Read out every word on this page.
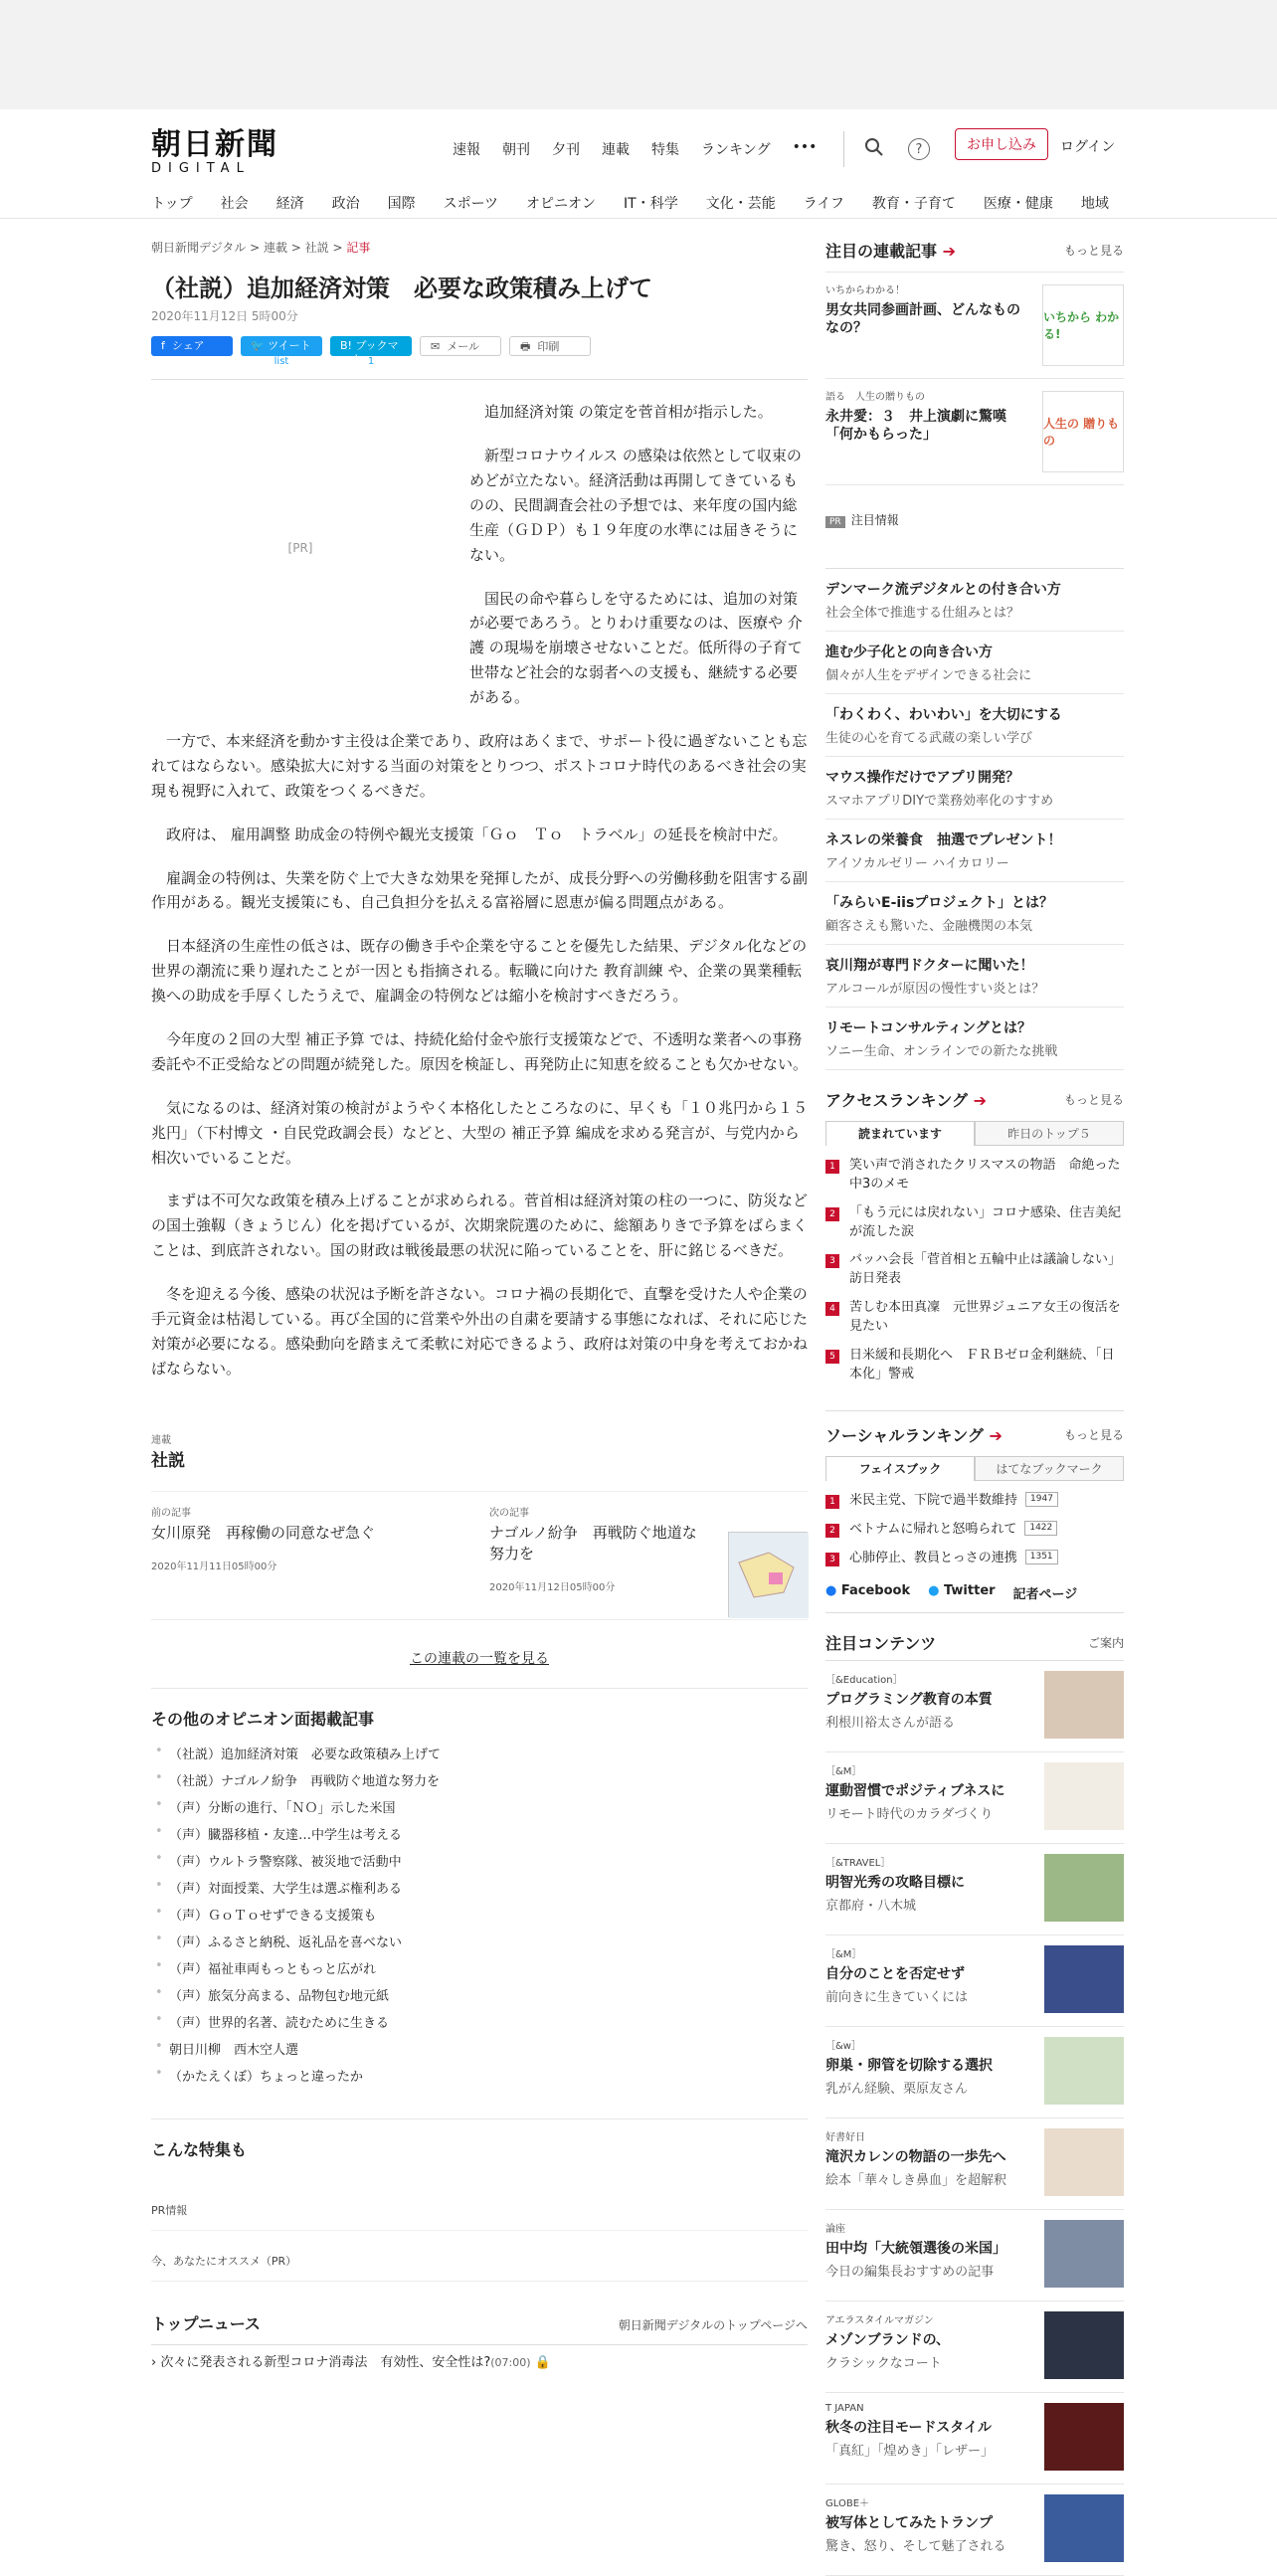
朝日新聞
DIGITAL
速報 朝刊 夕刊 連載 特集 ランキング •••	?	お申し込み	ログイン
トップ 社会 経済 政治 国際 スポーツ オピニオン IT・科学 文化・芸能 ライフ 教育・子育て 医療・健康 地域
朝日新聞デジタル > 連載 > 社説 > 記事
（社説）追加経済対策　必要な政策積み上げて
2020年11月12日 5時00分
f  シェア	🐦 ツイート
list
B! ブックマーク 1
✉  メール	🖶  印刷
[PR]

追加経済対策 の策定を菅首相が指示した。

新型コロナウイルス の感染は依然として収束のめどが立たない。経済活動は再開してきているものの、民間調査会社の予想では、来年度の国内総生産（ＧＤＰ）も１９年度の水準には届きそうにない。

国民の命や暮らしを守るためには、追加の対策が必要であろう。とりわけ重要なのは、医療や 介護 の現場を崩壊させないことだ。低所得の子育て世帯など社会的な弱者への支援も、継続する必要がある。

一方で、本来経済を動かす主役は企業であり、政府はあくまで、サポート役に過ぎないことも忘れてはならない。感染拡大に対する当面の対策をとりつつ、ポストコロナ時代のあるべき社会の実現も視野に入れて、政策をつくるべきだ。

政府は、 雇用調整 助成金の特例や観光支援策「Ｇｏ　Ｔｏ　トラベル」の延長を検討中だ。

雇調金の特例は、失業を防ぐ上で大きな効果を発揮したが、成長分野への労働移動を阻害する副作用がある。観光支援策にも、自己負担分を払える富裕層に恩恵が偏る問題点がある。

日本経済の生産性の低さは、既存の働き手や企業を守ることを優先した結果、デジタル化などの世界の潮流に乗り遅れたことが一因とも指摘される。転職に向けた 教育訓練 や、企業の異業種転換への助成を手厚くしたうえで、雇調金の特例などは縮小を検討すべきだろう。

今年度の２回の大型 補正予算 では、持続化給付金や旅行支援策などで、不透明な業者への事務委託や不正受給などの問題が続発した。原因を検証し、再発防止に知恵を絞ることも欠かせない。

気になるのは、経済対策の検討がようやく本格化したところなのに、早くも「１０兆円から１５兆円」（下村博文 ・自民党政調会長）などと、大型の 補正予算 編成を求める発言が、与党内から相次いでいることだ。

まずは不可欠な政策を積み上げることが求められる。菅首相は経済対策の柱の一つに、防災などの国土強靱（きょうじん）化を掲げているが、次期衆院選のために、総額ありきで予算をばらまくことは、到底許されない。国の財政は戦後最悪の状況に陥っていることを、肝に銘じるべきだ。

冬を迎える今後、感染の状況は予断を許さない。コロナ禍の長期化で、直撃を受けた人や企業の手元資金は枯渇している。再び全国的に営業や外出の自粛を要請する事態になれば、それに応じた対策が必要になる。感染動向を踏まえて柔軟に対応できるよう、政府は対策の中身を考えておかねばならない。

連載
社説
前の記事
女川原発　再稼働の同意なぜ急ぐ
2020年11月11日05時00分
次の記事
ナゴルノ紛争　再戦防ぐ地道な努力を
2020年11月12日05時00分
この連載の一覧を見る
その他のオピニオン面掲載記事
• （社説）追加経済対策　必要な政策積み上げて
• （社説）ナゴルノ紛争　再戦防ぐ地道な努力を
• （声）分断の進行、「ＮＯ」示した米国
• （声）臓器移植・友達…中学生は考える
• （声）ウルトラ警察隊、被災地で活動中
• （声）対面授業、大学生は選ぶ権利ある
• （声）ＧｏＴｏせずできる支援策も
• （声）ふるさと納税、返礼品を喜べない
• （声）福祉車両もっともっと広がれ
• （声）旅気分高まる、品物包む地元紙
• （声）世界的名著、読むために生きる
• 朝日川柳　西木空人選
• （かたえくぼ）ちょっと違ったか
こんな特集も
PR情報
今、あなたにオススメ（PR）
トップニュース	朝日新聞デジタルのトップページへ
› 次々に発表される新型コロナ消毒法　有効性、安全性は?(07:00) 🔒
注目の連載記事 ➔	もっと見る
いちからわかる！
男女共同参画計画、どんなものなの？
いちから わかる!
語る　人生の贈りもの
永井愛：３　井上演劇に驚嘆「何かもらった」
人生の 贈りもの
PR 注目情報
デンマーク流デジタルとの付き合い方
社会全体で推進する仕組みとは？
進む少子化との向き合い方
個々が人生をデザインできる社会に
「わくわく、わいわい」を大切にする
生徒の心を育てる武蔵の楽しい学び
マウス操作だけでアプリ開発？
スマホアプリDIYで業務効率化のすすめ
ネスレの栄養食　抽選でプレゼント！
アイソカルゼリー ハイカロリー
「みらいE-iisプロジェクト」とは？
顧客さえも驚いた、金融機関の本気
哀川翔が専門ドクターに聞いた！
アルコールが原因の慢性すい炎とは？
リモートコンサルティングとは？
ソニー生命、オンラインでの新たな挑戦
アクセスランキング ➔	もっと見る
読まれています	昨日のトップ５
1	笑い声で消されたクリスマスの物語　命絶った中3のメモ
2	「もう元には戻れない」コロナ感染、住吉美紀が流した涙
3	バッハ会長「菅首相と五輪中止は議論しない」　訪日発表
4	苦しむ本田真凜　元世界ジュニア女王の復活を見たい
5	日米緩和長期化へ　ＦＲＢゼロ金利継続、「日本化」警戒
ソーシャルランキング ➔	もっと見る
フェイスブック	はてなブックマーク
1	米民主党、下院で過半数維持	1947
2	ベトナムに帰れと怒鳴られて	1422
3	心肺停止、教員とっさの連携	1351
● Facebook ● Twitter 記者ページ
注目コンテンツ	ご案内
［&Education］
プログラミング教育の本質
利根川裕太さんが語る
［&M］
運動習慣でポジティブネスに
リモート時代のカラダづくり
［&TRAVEL］
明智光秀の攻略目標に
京都府・八木城
［&M］
自分のことを否定せず
前向きに生きていくには
［&w］
卵巣・卵管を切除する選択
乳がん経験、栗原友さん
好書好日
滝沢カレンの物語の一歩先へ
絵本「華々しき鼻血」を超解釈
論座
田中均「大統領選後の米国」
今日の編集長おすすめの記事
アエラスタイルマガジン
メゾンブランドの、
クラシックなコート
T JAPAN
秋冬の注目モードスタイル
「真紅」「煌めき」「レザー」
GLOBE＋
被写体としてみたトランプ
驚き、怒り、そして魅了される
